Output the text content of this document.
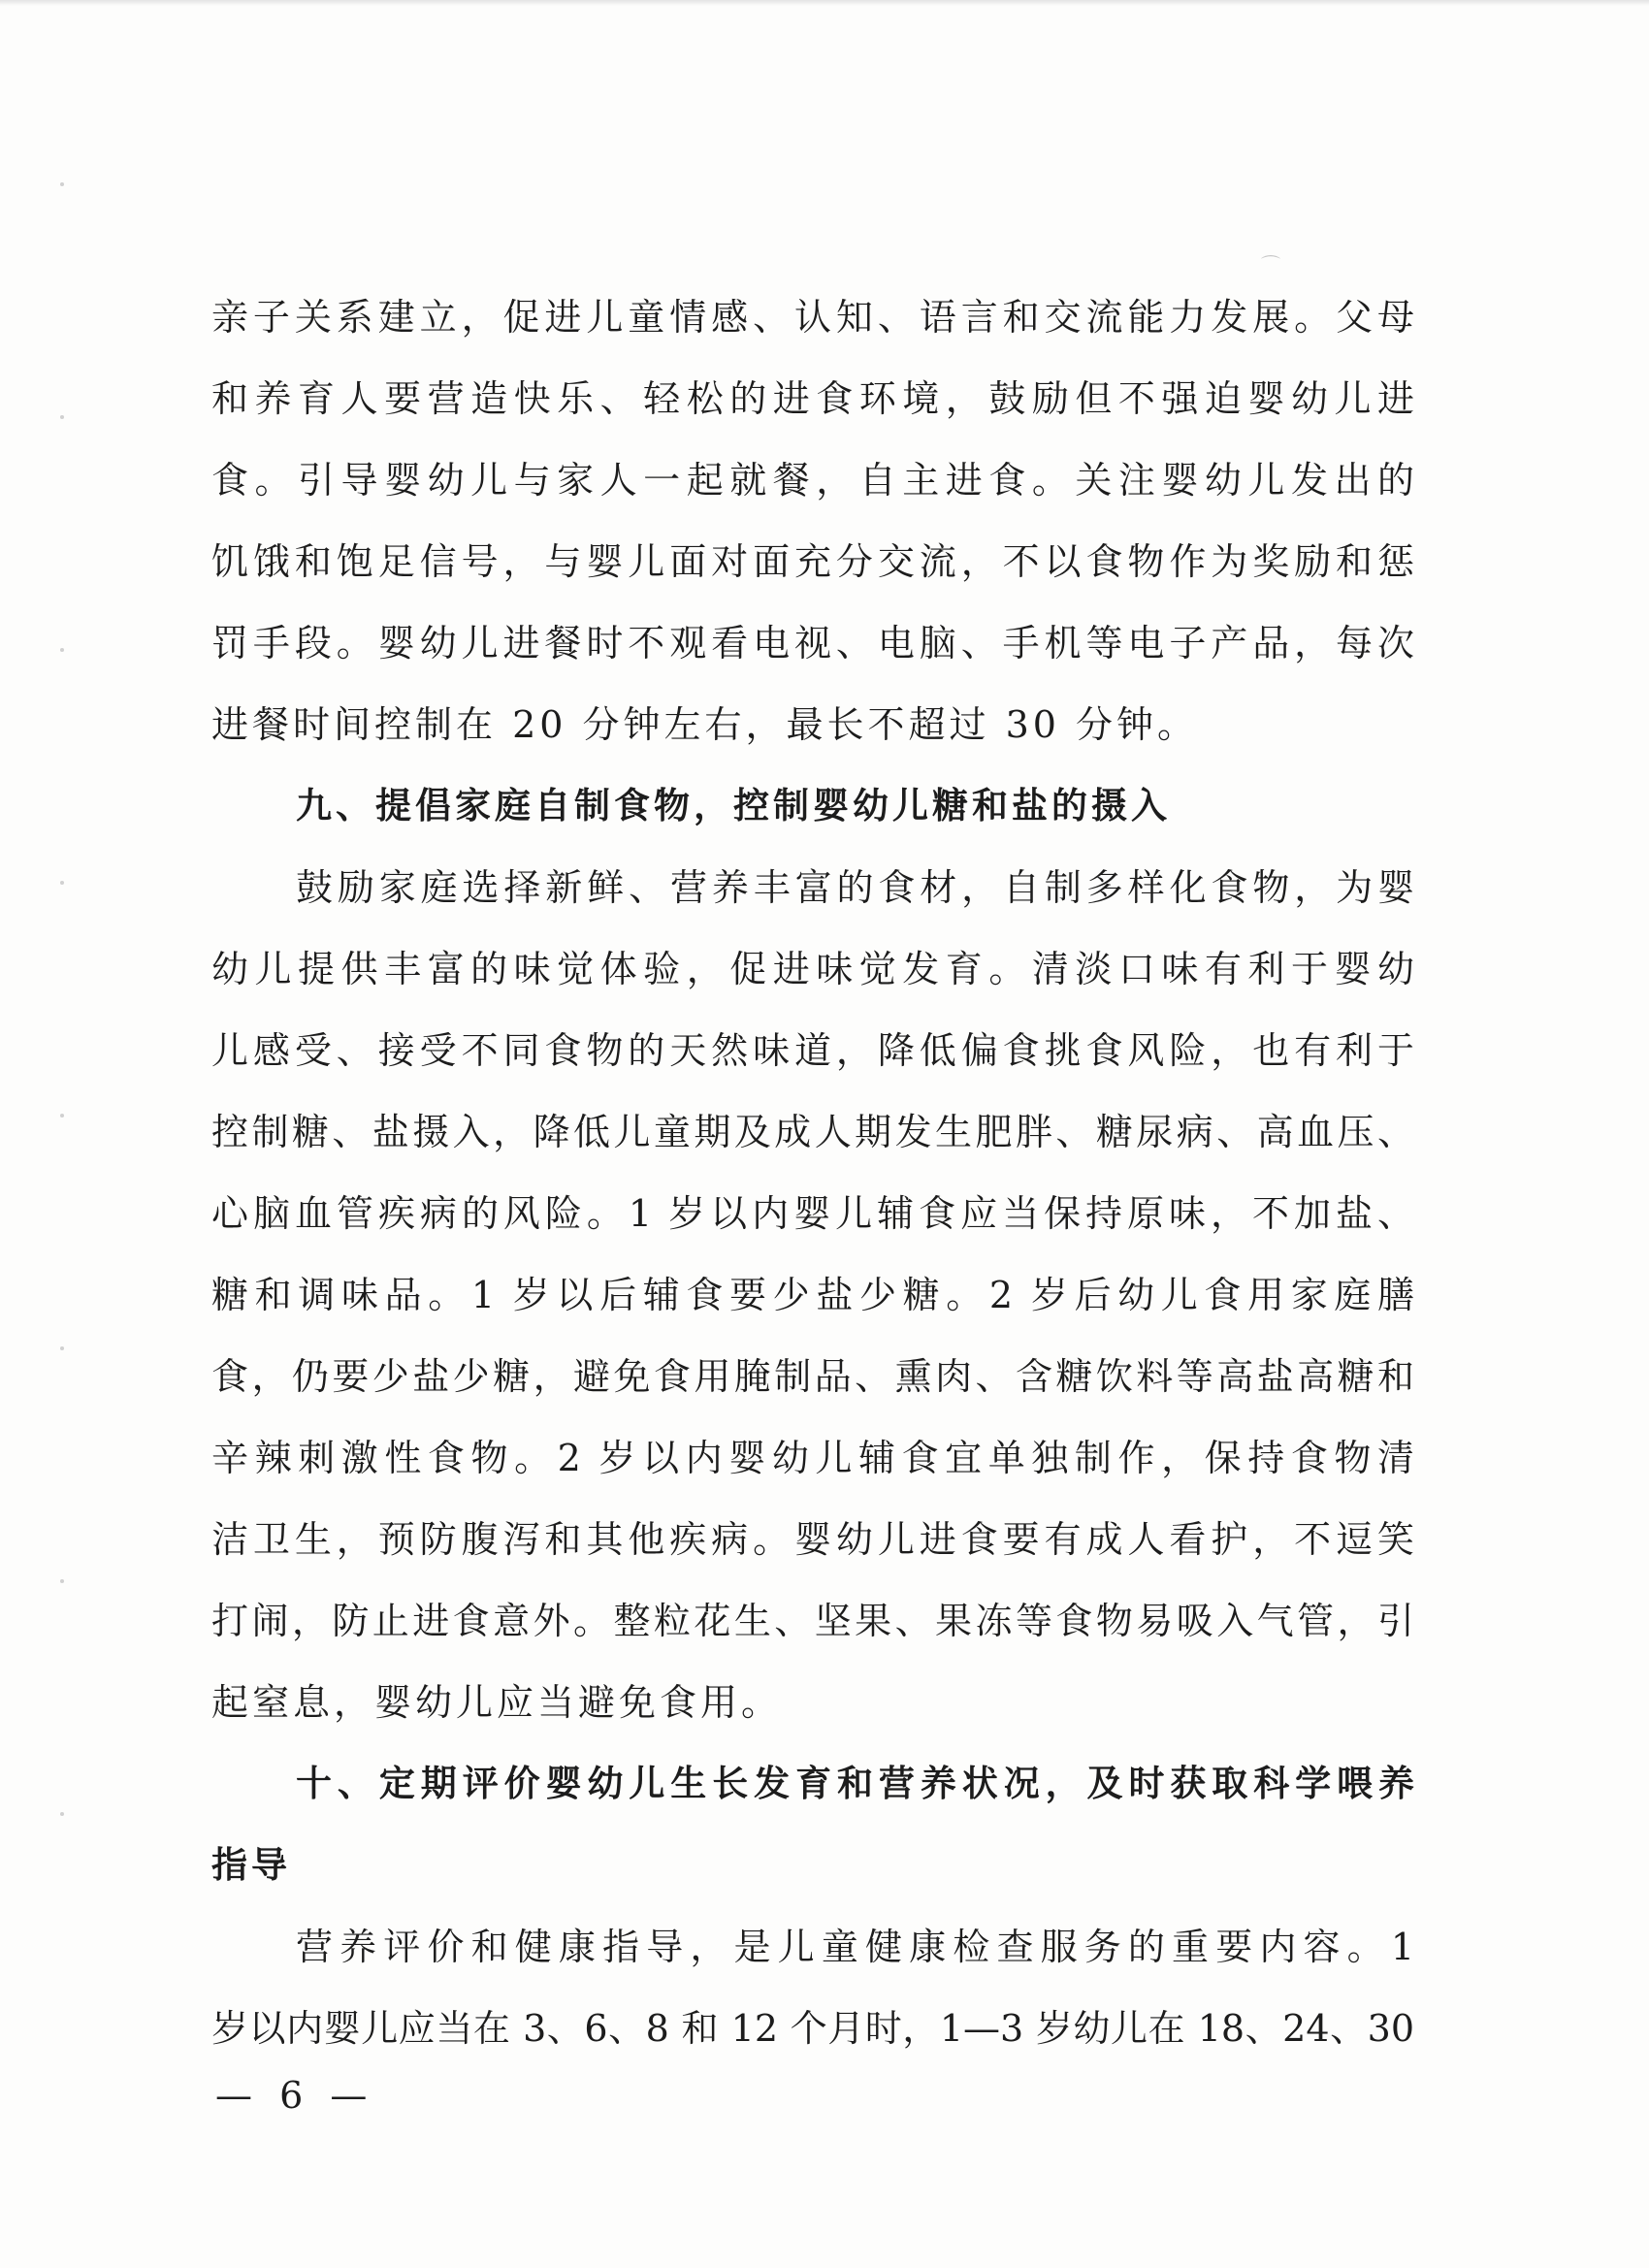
⌒
亲子关系建立，促进儿童情感、认知、语言和交流能力发展。父母
和养育人要营造快乐、轻松的进食环境，鼓励但不强迫婴幼儿进
食。引导婴幼儿与家人一起就餐，自主进食。关注婴幼儿发出的
饥饿和饱足信号，与婴儿面对面充分交流，不以食物作为奖励和惩
罚手段。婴幼儿进餐时不观看电视、电脑、手机等电子产品，每次
进餐时间控制在 20 分钟左右，最长不超过 30 分钟。
九、提倡家庭自制食物，控制婴幼儿糖和盐的摄入
鼓励家庭选择新鲜、营养丰富的食材，自制多样化食物，为婴
幼儿提供丰富的味觉体验，促进味觉发育。清淡口味有利于婴幼
儿感受、接受不同食物的天然味道，降低偏食挑食风险，也有利于
控制糖、盐摄入，降低儿童期及成人期发生肥胖、糖尿病、高血压、
心脑血管疾病的风险。1 岁以内婴儿辅食应当保持原味，不加盐、
糖和调味品。1 岁以后辅食要少盐少糖。2 岁后幼儿食用家庭膳
食，仍要少盐少糖，避免食用腌制品、熏肉、含糖饮料等高盐高糖和
辛辣刺激性食物。2 岁以内婴幼儿辅食宜单独制作，保持食物清
洁卫生，预防腹泻和其他疾病。婴幼儿进食要有成人看护，不逗笑
打闹，防止进食意外。整粒花生、坚果、果冻等食物易吸入气管，引
起窒息，婴幼儿应当避免食用。
十、定期评价婴幼儿生长发育和营养状况，及时获取科学喂养
指导
营养评价和健康指导，是儿童健康检查服务的重要内容。1
岁以内婴儿应当在 3、6、8 和 12 个月时，1—3 岁幼儿在 18、24、30
— 6 —
